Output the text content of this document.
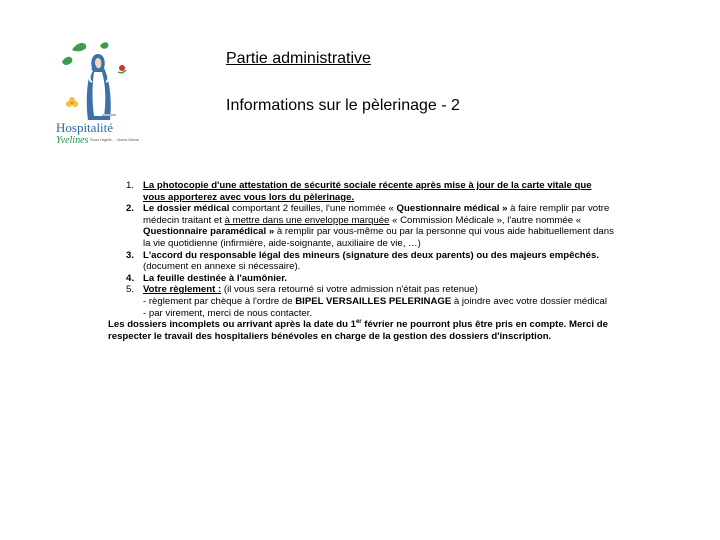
Hospitalité
Yvelines Sous l'égide ... Notre-Dame
Partie administrative
Informations sur le pèlerinage - 2
1. La photocopie d'une attestation de sécurité sociale récente après mise à jour de la carte vitale que vous apporterez avec vous lors du pèlerinage.

2. Le dossier médical comportant 2 feuilles, l'une nommée « Questionnaire médical » à faire remplir par votre médecin traitant et à mettre dans une enveloppe marquée « Commission Médicale », l'autre nommée « Questionnaire paramédical » à remplir par vous-même ou par la personne qui vous aide habituellement dans la vie quotidienne (infirmière, aide-soignante, auxiliaire de vie, …)

3. L'accord du responsable légal des mineurs (signature des deux parents) ou des majeurs empêchés.

(document en annexe si nécessaire).

4. La feuille destinée à l'aumônier.

5. Votre règlement : (il vous sera retourné si votre admission n'était pas retenue)

- règlement par chèque à l'ordre de BIPEL VERSAILLES PELERINAGE à joindre avec votre dossier médical

- par virement, merci de nous contacter.

Les dossiers incomplets ou arrivant après la date du 1er février ne pourront plus être pris en compte. Merci de respecter le travail des hospitaliers bénévoles en charge de la gestion des dossiers d'inscription.
